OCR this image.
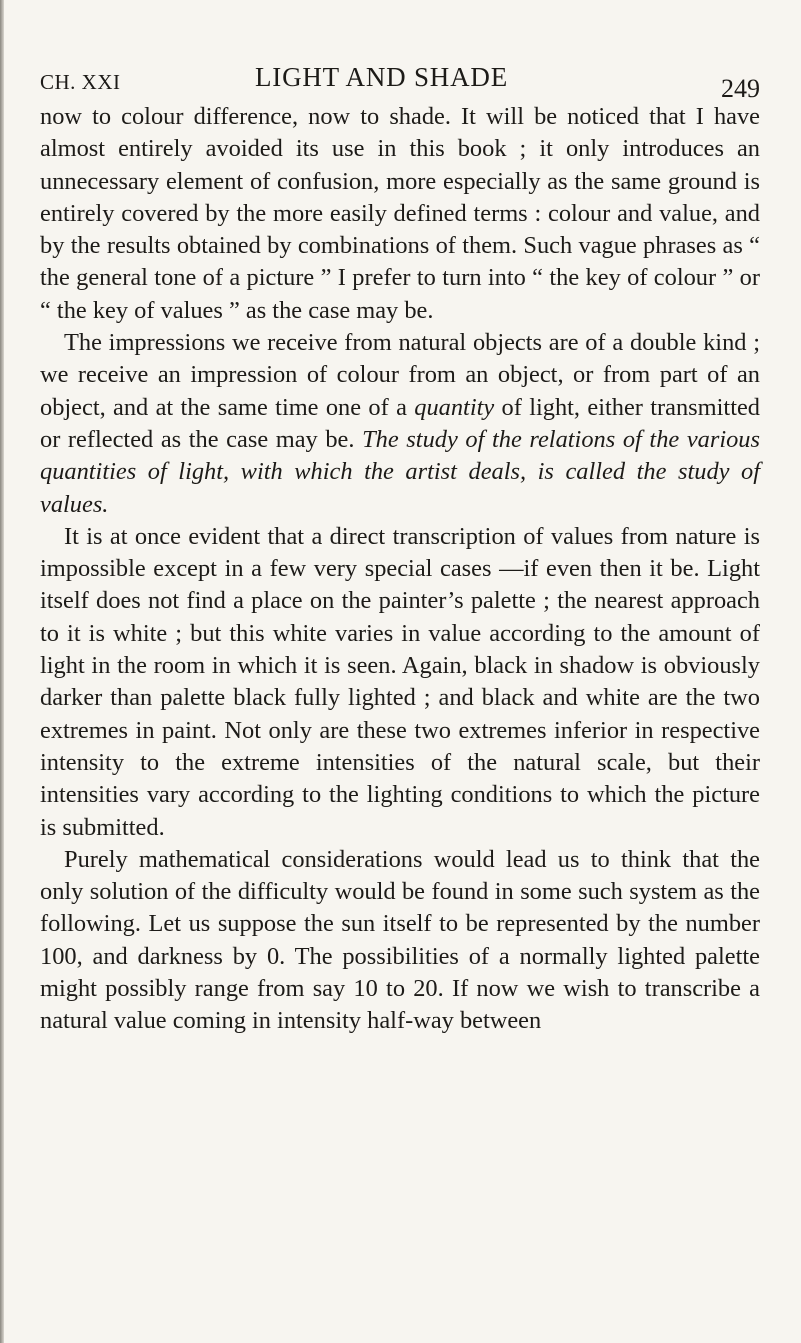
CH. XXI	LIGHT AND SHADE	249

now to colour difference, now to shade. It will be noticed that I have almost entirely avoided its use in this book ; it only introduces an unnecessary element of confusion, more especially as the same ground is entirely covered by the more easily defined terms : colour and value, and by the results obtained by combinations of them. Such vague phrases as “ the general tone of a picture ” I prefer to turn into “ the key of colour ” or “ the key of values ” as the case may be.

The impressions we receive from natural objects are of a double kind ; we receive an impression of colour from an object, or from part of an object, and at the same time one of a quantity of light, either transmitted or reflected as the case may be. The study of the relations of the various quantities of light, with which the artist deals, is called the study of values.

It is at once evident that a direct transcription of values from nature is impossible except in a few very special cases —if even then it be. Light itself does not find a place on the painter’s palette ; the nearest approach to it is white ; but this white varies in value according to the amount of light in the room in which it is seen. Again, black in shadow is obviously darker than palette black fully lighted ; and black and white are the two extremes in paint. Not only are these two extremes inferior in respective intensity to the extreme intensities of the natural scale, but their intensities vary according to the lighting conditions to which the picture is submitted.

Purely mathematical considerations would lead us to think that the only solution of the difficulty would be found in some such system as the following. Let us suppose the sun itself to be represented by the number 100, and darkness by 0. The possibilities of a normally lighted palette might possibly range from say 10 to 20. If now we wish to transcribe a natural value coming in intensity half-way between
